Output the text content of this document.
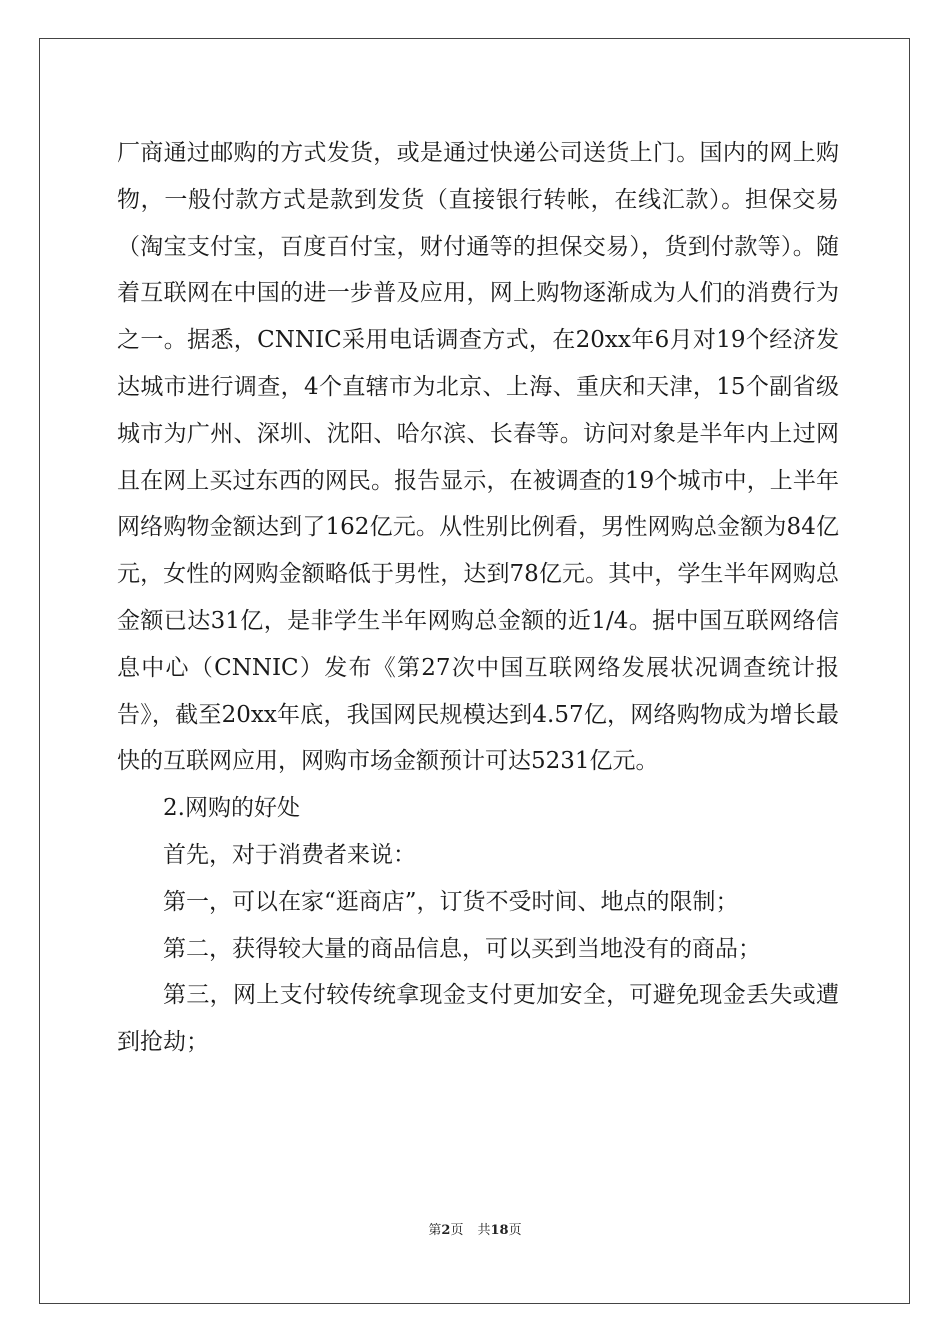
厂商通过邮购的方式发货，或是通过快递公司送货上门。国内的网上购物，一般付款方式是款到发货（直接银行转帐，在线汇款）。担保交易（淘宝支付宝，百度百付宝，财付通等的担保交易），货到付款等）。随着互联网在中国的进一步普及应用，网上购物逐渐成为人们的消费行为之一。据悉，CNNIC采用电话调查方式，在20xx年6月对19个经济发达城市进行调查，4个直辖市为北京、上海、重庆和天津，15个副省级城市为广州、深圳、沈阳、哈尔滨、长春等。访问对象是半年内上过网且在网上买过东西的网民。报告显示，在被调查的19个城市中，上半年网络购物金额达到了162亿元。从性别比例看，男性网购总金额为84亿元，女性的网购金额略低于男性，达到78亿元。其中，学生半年网购总金额已达31亿，是非学生半年网购总金额的近1/4。据中国互联网络信息中心（CNNIC）发布《第27次中国互联网络发展状况调查统计报告》，截至20xx年底，我国网民规模达到4.57亿，网络购物成为增长最快的互联网应用，网购市场金额预计可达5231亿元。

2.网购的好处

首先，对于消费者来说：

第一，可以在家“逛商店”，订货不受时间、地点的限制；

第二，获得较大量的商品信息，可以买到当地没有的商品；

第三，网上支付较传统拿现金支付更加安全，可避免现金丢失或遭到抢劫；

第2页 共18页
